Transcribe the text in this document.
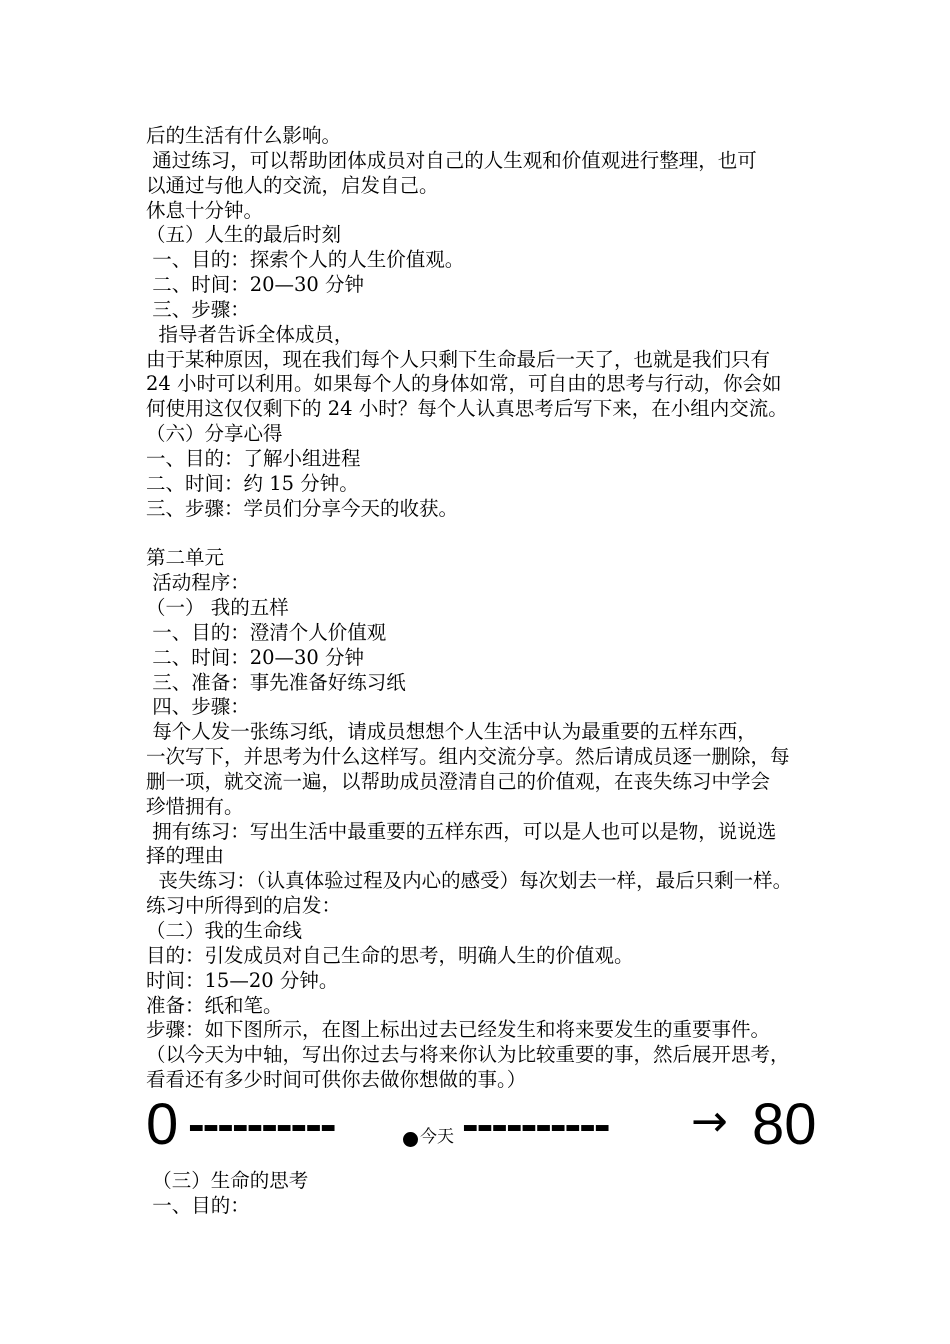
后的生活有什么影响。
通过练习，可以帮助团体成员对自己的人生观和价值观进行整理，也可
以通过与他人的交流，启发自己。
休息十分钟。
（五）人生的最后时刻
一、目的：探索个人的人生价值观。
二、时间：20—30 分钟
三、步骤：
指导者告诉全体成员，
由于某种原因，现在我们每个人只剩下生命最后一天了，也就是我们只有
24 小时可以利用。如果每个人的身体如常，可自由的思考与行动，你会如
何使用这仅仅剩下的 24 小时？每个人认真思考后写下来，在小组内交流。
（六）分享心得
一、目的：了解小组进程
二、时间：约 15 分钟。
三、步骤：学员们分享今天的收获。
第二单元
活动程序：
（一） 我的五样
一、目的：澄清个人价值观
二、时间：20—30 分钟
三、准备：事先准备好练习纸
四、步骤：
每个人发一张练习纸，请成员想想个人生活中认为最重要的五样东西，
一次写下，并思考为什么这样写。组内交流分享。然后请成员逐一删除，每
删一项，就交流一遍，以帮助成员澄清自己的价值观，在丧失练习中学会
珍惜拥有。
拥有练习：写出生活中最重要的五样东西，可以是人也可以是物，说说选
择的理由
丧失练习：（认真体验过程及内心的感受）每次划去一样，最后只剩一样。
练习中所得到的启发：
（二）我的生命线
目的：引发成员对自己生命的思考，明确人生的价值观。
时间：15—20 分钟。
准备：纸和笔。
步骤：如下图所示，在图上标出过去已经发生和将来要发生的重要事件。
（以今天为中轴，写出你过去与将来你认为比较重要的事，然后展开思考，
看看还有多少时间可供你去做你想做的事。）
0 ----------	今天 ---------- → 80
（三）生命的思考
一、目的：
